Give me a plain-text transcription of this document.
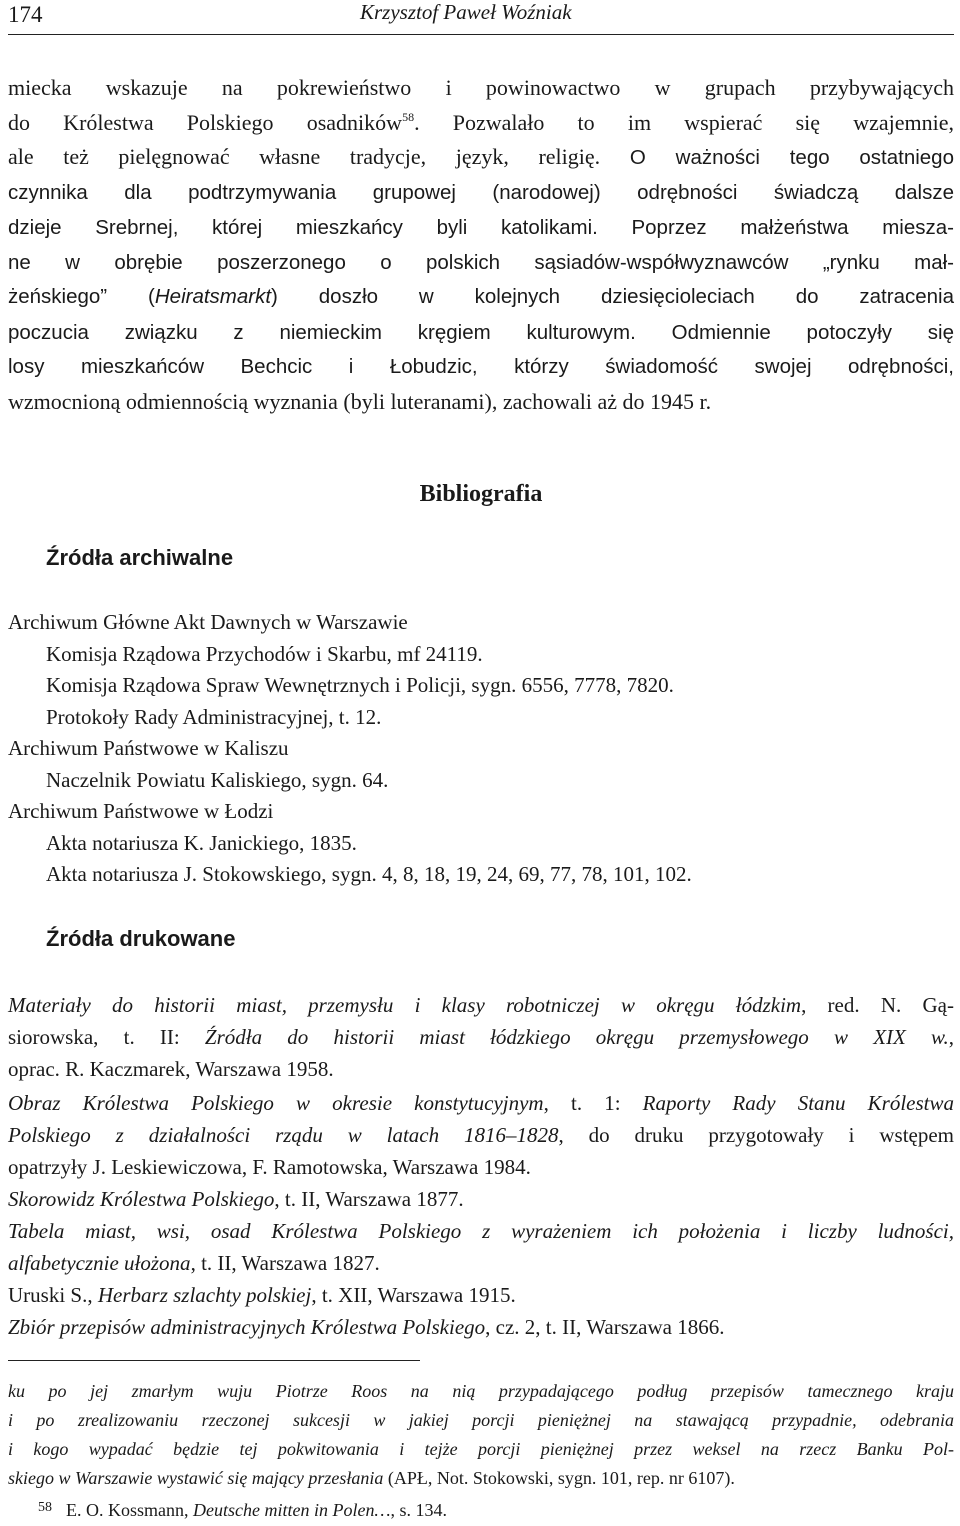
174	Krzysztof Paweł Woźniak

miecka wskazuje na pokrewieństwo i powinowactwo w grupach przybywających
do Królestwa Polskiego osadników$^{58}$. Pozwalało to im wspierać się wzajemnie,
ale też pielęgnować własne tradycje, język, religię. O ważności tego ostatniego
czynnika dla podtrzymywania grupowej (narodowej) odrębności świadczą dalsze
dzieje Srebrnej, której mieszkańcy byli katolikami. Poprzez małżeństwa miesza-
ne w obrębie poszerzonego o polskich sąsiadów-współwyznawców „rynku mał-
żeńskiego” (Heiratsmarkt) doszło w kolejnych dziesięcioleciach do zatracenia
poczucia związku z niemieckim kręgiem kulturowym. Odmiennie potoczyły się
losy mieszkańców Bechcic i Łobudzic, którzy świadomość swojej odrębności,
wzmocnioną odmiennością wyznania (byli luteranami), zachowali aż do 1945 r.

Bibliografia
Źródła archiwalne
Archiwum Główne Akt Dawnych w Warszawie
Komisja Rządowa Przychodów i Skarbu, mf 24119.
Komisja Rządowa Spraw Wewnętrznych i Policji, sygn. 6556, 7778, 7820.
Protokoły Rady Administracyjnej, t. 12.
Archiwum Państwowe w Kaliszu
Naczelnik Powiatu Kaliskiego, sygn. 64.
Archiwum Państwowe w Łodzi
Akta notariusza K. Janickiego, 1835.
Akta notariusza J. Stokowskiego, sygn. 4, 8, 18, 19, 24, 69, 77, 78, 101, 102.
Źródła drukowane
Materiały do historii miast, przemysłu i klasy robotniczej w okręgu łódzkim, red. N. Gą-
siorowska, t. II: Źródła do historii miast łódzkiego okręgu przemysłowego w XIX w.,
oprac. R. Kaczmarek, Warszawa 1958.
Obraz Królestwa Polskiego w okresie konstytucyjnym, t. 1: Raporty Rady Stanu Królestwa
Polskiego z działalności rządu w latach 1816–1828, do druku przygotowały i wstępem
opatrzyły J. Leskiewiczowa, F. Ramotowska, Warszawa 1984.
Skorowidz Królestwa Polskiego, t. II, Warszawa 1877.
Tabela miast, wsi, osad Królestwa Polskiego z wyrażeniem ich położenia i liczby ludności,
alfabetycznie ułożona, t. II, Warszawa 1827.
Uruski S., Herbarz szlachty polskiej, t. XII, Warszawa 1915.
Zbiór przepisów administracyjnych Królestwa Polskiego, cz. 2, t. II, Warszawa 1866.
ku po jej zmarłym wuju Piotrze Roos na nią przypadającego podług przepisów tamecznego kraju
i po zrealizowaniu rzeczonej sukcesji w jakiej porcji pieniężnej na stawającą przypadnie, odebrania
i kogo wypadać będzie tej pokwitowania i tejże porcji pieniężnej przez weksel na rzecz Banku Pol-
skiego w Warszawie wystawić się mający przesłania (APŁ, Not. Stokowski, sygn. 101, rep. nr 6107).
$^{58}$ E. O. Kossmann, Deutsche mitten in Polen…, s. 134.
